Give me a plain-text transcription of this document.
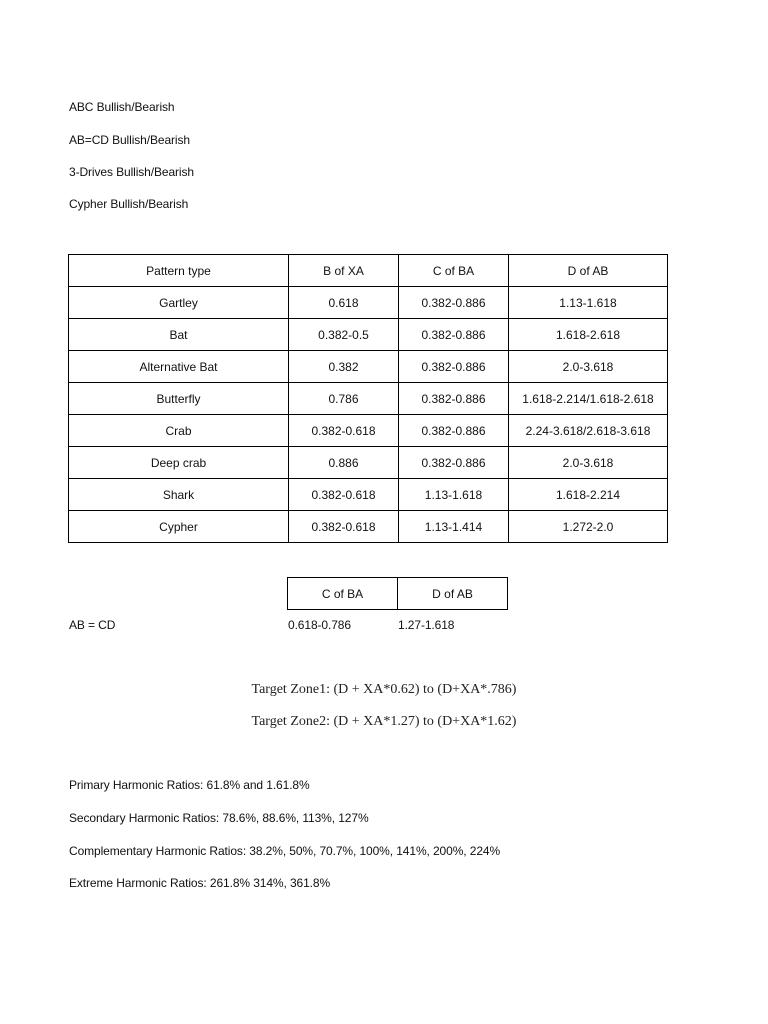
ABC Bullish/Bearish
AB=CD Bullish/Bearish
3-Drives Bullish/Bearish
Cypher Bullish/Bearish
Pattern type	B of XA	C of BA	D of AB
Gartley	0.618	0.382-0.886	1.13-1.618
Bat	0.382-0.5	0.382-0.886	1.618-2.618
Alternative Bat	0.382	0.382-0.886	2.0-3.618
Butterfly	0.786	0.382-0.886	1.618-2.214/1.618-2.618
Crab	0.382-0.618	0.382-0.886	2.24-3.618/2.618-3.618
Deep crab	0.886	0.382-0.886	2.0-3.618
Shark	0.382-0.618	1.13-1.618	1.618-2.214
Cypher	0.382-0.618	1.13-1.414	1.272-2.0
C of BA	D of AB
AB = CD	0.618-0.786	1.27-1.618
Target Zone1: (D + XA*0.62) to (D+XA*.786)
Target Zone2: (D + XA*1.27) to (D+XA*1.62)
Primary Harmonic Ratios: 61.8% and 1.61.8%
Secondary Harmonic Ratios: 78.6%, 88.6%, 113%, 127%
Complementary Harmonic Ratios: 38.2%, 50%, 70.7%, 100%, 141%, 200%, 224%
Extreme Harmonic Ratios: 261.8% 314%, 361.8%
